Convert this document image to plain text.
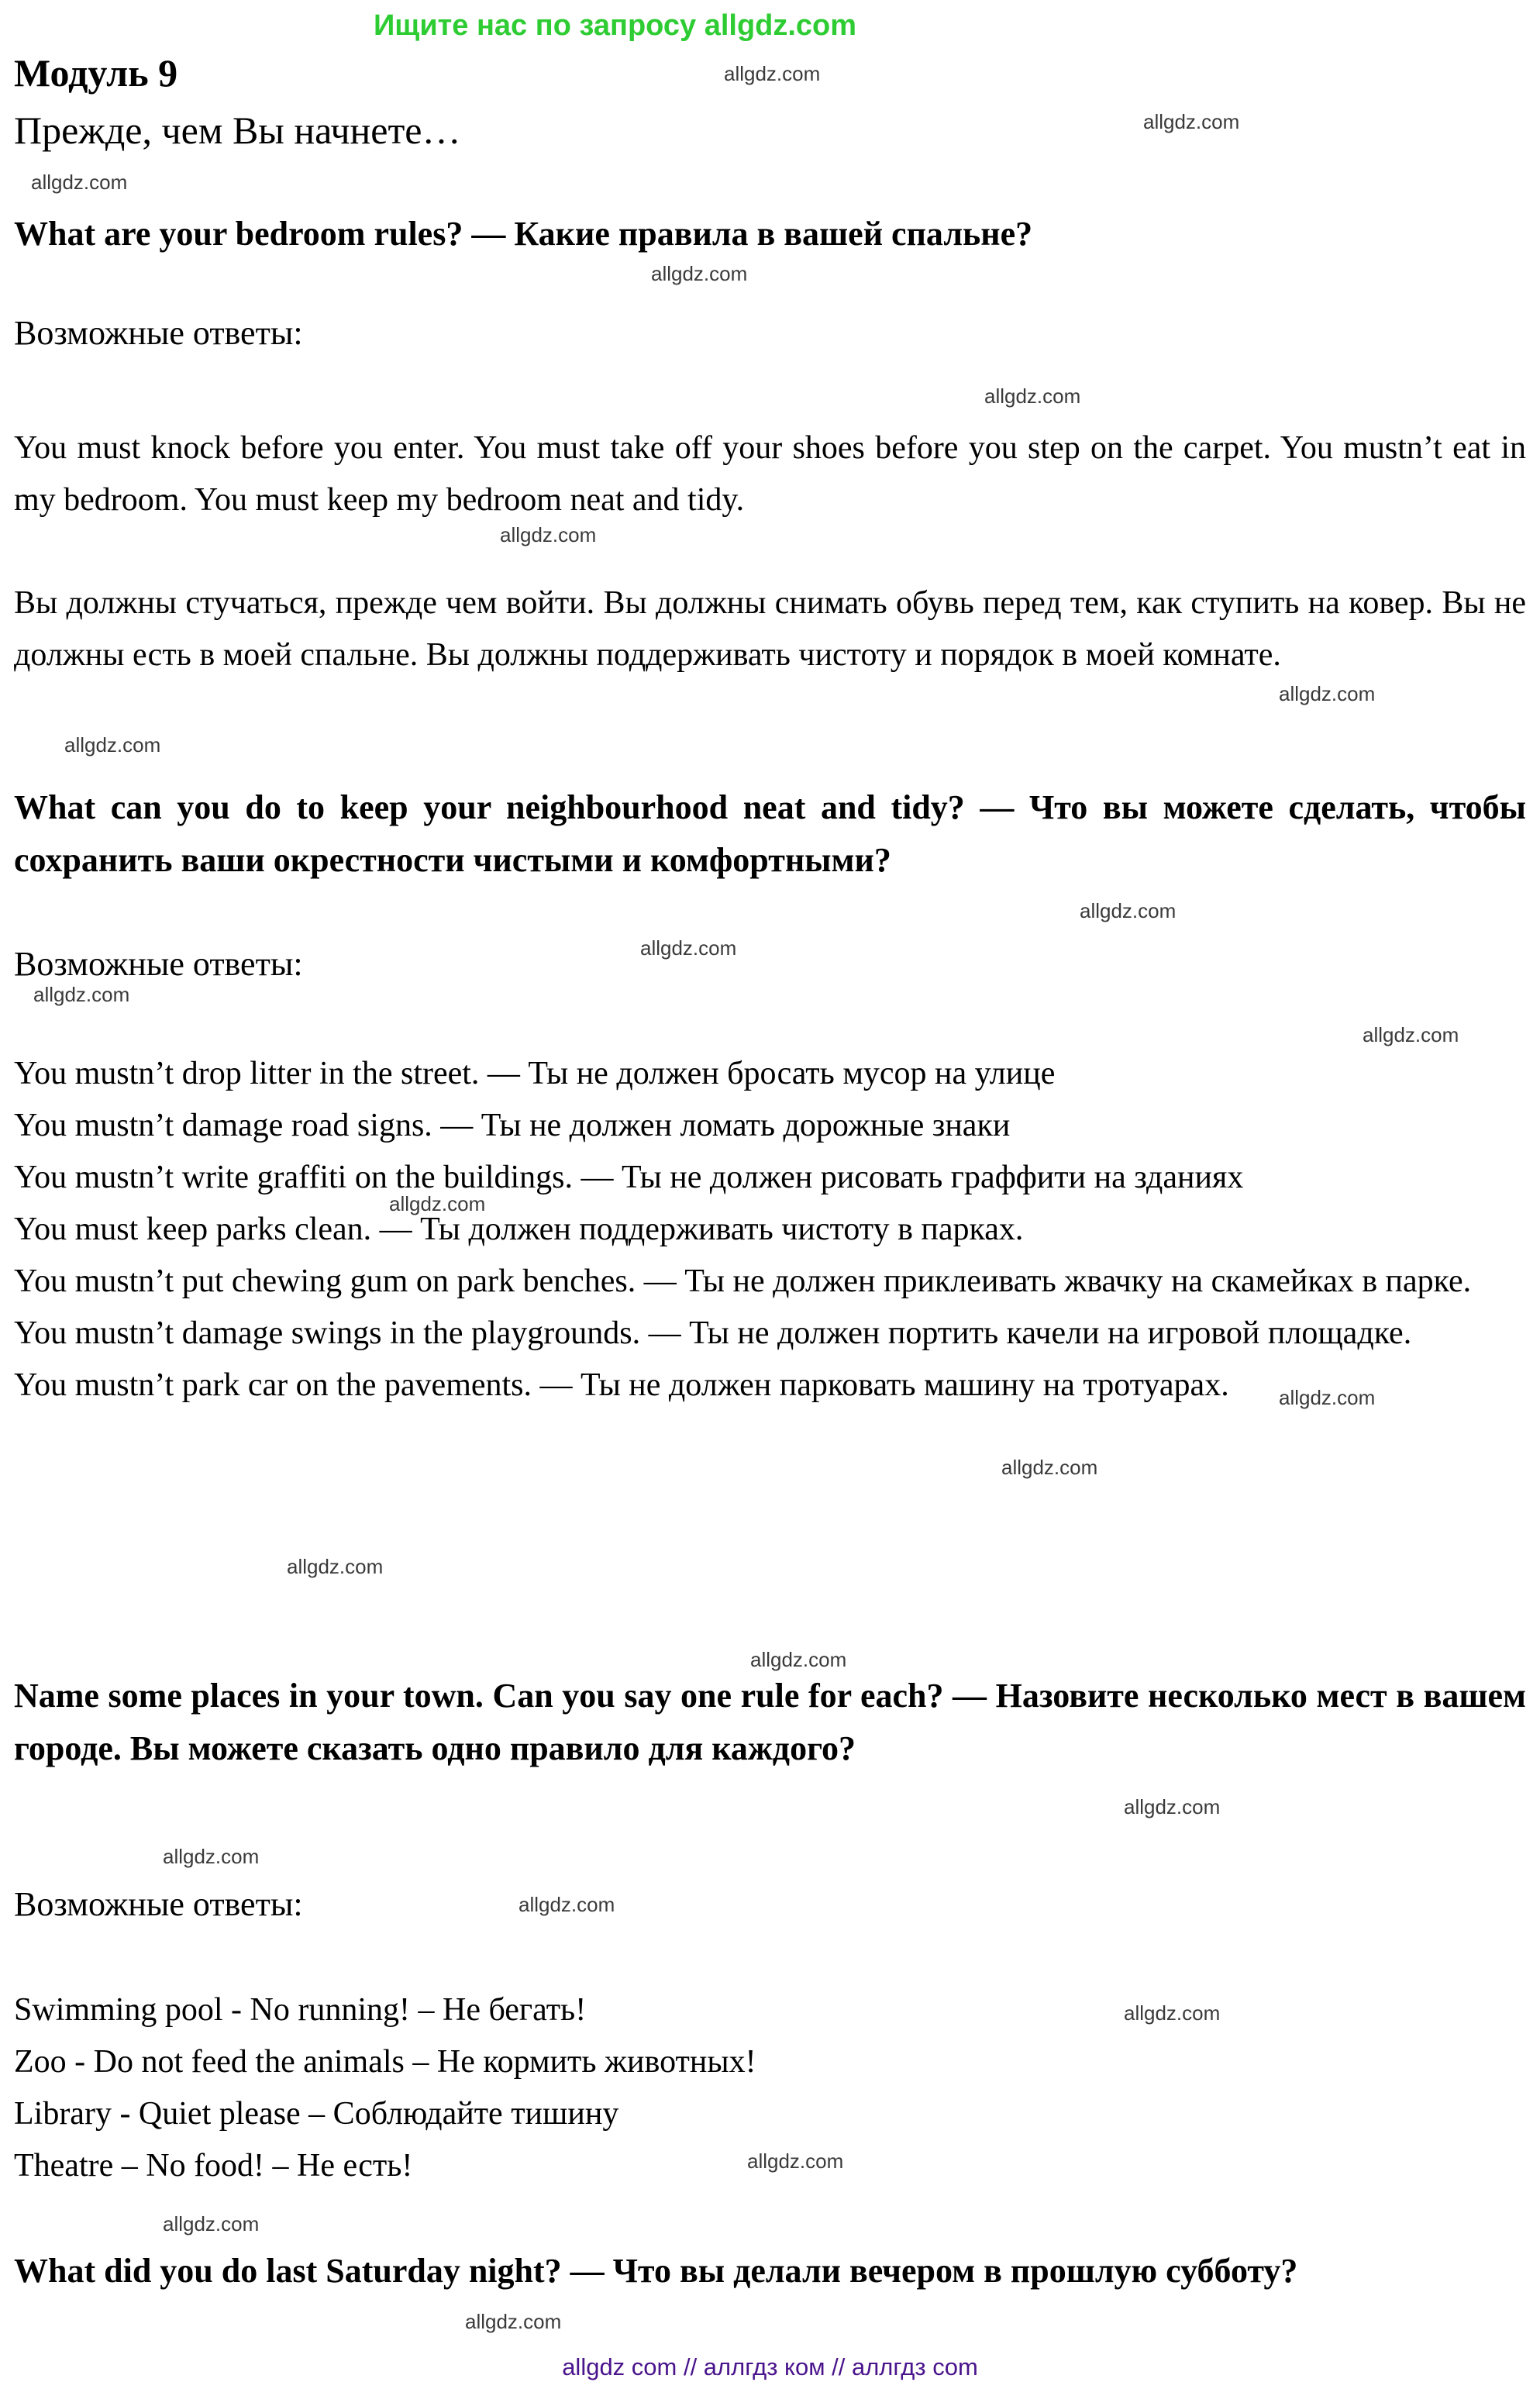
Ищите нас по запросу allgdz.com
Модуль 9
Прежде, чем Вы начнете…
What are your bedroom rules? — Какие правила в вашей спальне?
Возможные ответы:
You must knock before you enter. You must take off your shoes before you step on the carpet. You mustn’t eat in my bedroom. You must keep my bedroom neat and tidy.
Вы должны стучаться, прежде чем войти. Вы должны снимать обувь перед тем, как ступить на ковер. Вы не должны есть в моей спальне. Вы должны поддерживать чистоту и порядок в моей комнате.
What can you do to keep your neighbourhood neat and tidy? — Что вы можете сделать, чтобы сохранить ваши окрестности чистыми и комфортными?
Возможные ответы:

You mustn’t drop litter in the street. — Ты не должен бросать мусор на улице

You mustn’t damage road signs. — Ты не должен ломать дорожные знаки

You mustn’t write graffiti on the buildings. — Ты не должен рисовать граффити на зданиях

You must keep parks clean. — Ты должен поддерживать чистоту в парках.

You mustn’t put chewing gum on park benches. — Ты не должен приклеивать жвачку на скамейках в парке.

You mustn’t damage swings in the playgrounds. — Ты не должен портить качели на игровой площадке.

You mustn’t park car on the pavements. — Ты не должен парковать машину на тротуарах.

Name some places in your town. Can you say one rule for each? — Назовите несколько мест в вашем городе. Вы можете сказать одно правило для каждого?
Возможные ответы:

Swimming pool - No running! – Не бегать!

Zoo - Do not feed the animals – Не кормить животных!

Library - Quiet please – Соблюдайте тишину

Theatre – No food! – Не есть!

What did you do last Saturday night? — Что вы делали вечером в прошлую субботу?
allgdz com // аллгдз ком // аллгдз com
allgdz.com
allgdz.com
allgdz.com
allgdz.com
allgdz.com
allgdz.com
allgdz.com
allgdz.com
allgdz.com
allgdz.com
allgdz.com
allgdz.com
allgdz.com
allgdz.com
allgdz.com
allgdz.com
allgdz.com
allgdz.com
allgdz.com
allgdz.com
allgdz.com
allgdz.com
allgdz.com
allgdz.com
